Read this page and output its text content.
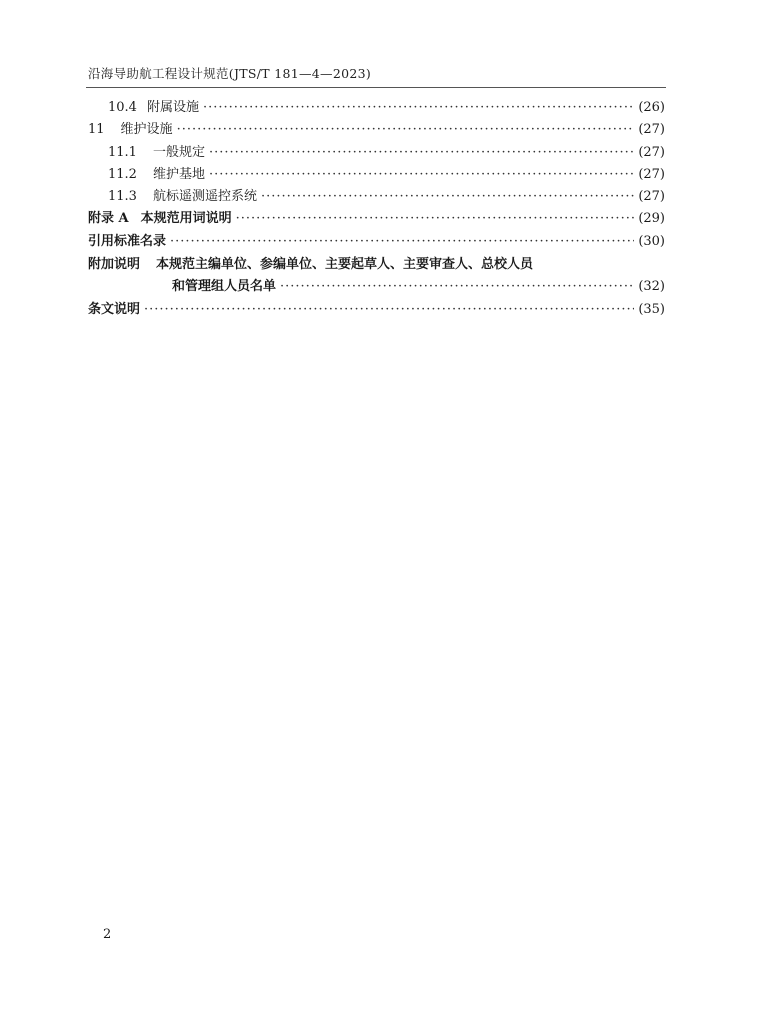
沿海导助航工程设计规范(JTS/T 181—4—2023)
10.4 附属设施 ·····	(26)
11 维护设施 ·····	(27)
11.1 一般规定 ·····	(27)
11.2 维护基地 ·····	(27)
11.3 航标遥测遥控系统 ·····	(27)
附录 A 本规范用词说明 ·····	(29)
引用标准名录 ·····	(30)
附加说明 本规范主编单位、参编单位、主要起草人、主要审查人、总校人员
和管理组人员名单 ·····	(32)
条文说明 ·····	(35)
2
